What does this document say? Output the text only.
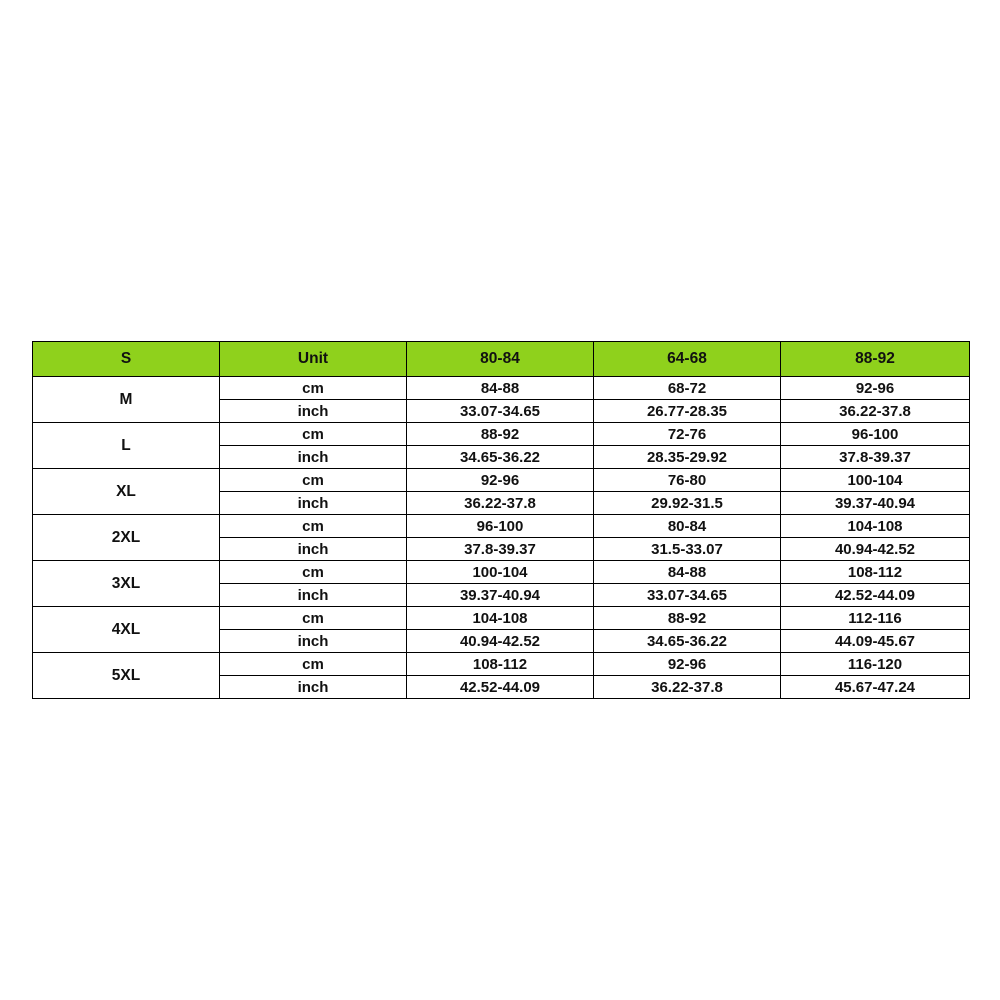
S	Unit	80-84	64-68	88-92
M	cm	84-88	68-72	92-96
	inch	33.07-34.65	26.77-28.35	36.22-37.8
L	cm	88-92	72-76	96-100
	inch	34.65-36.22	28.35-29.92	37.8-39.37
XL	cm	92-96	76-80	100-104
	inch	36.22-37.8	29.92-31.5	39.37-40.94
2XL	cm	96-100	80-84	104-108
	inch	37.8-39.37	31.5-33.07	40.94-42.52
3XL	cm	100-104	84-88	108-112
	inch	39.37-40.94	33.07-34.65	42.52-44.09
4XL	cm	104-108	88-92	112-116
	inch	40.94-42.52	34.65-36.22	44.09-45.67
5XL	cm	108-112	92-96	116-120
	inch	42.52-44.09	36.22-37.8	45.67-47.24
